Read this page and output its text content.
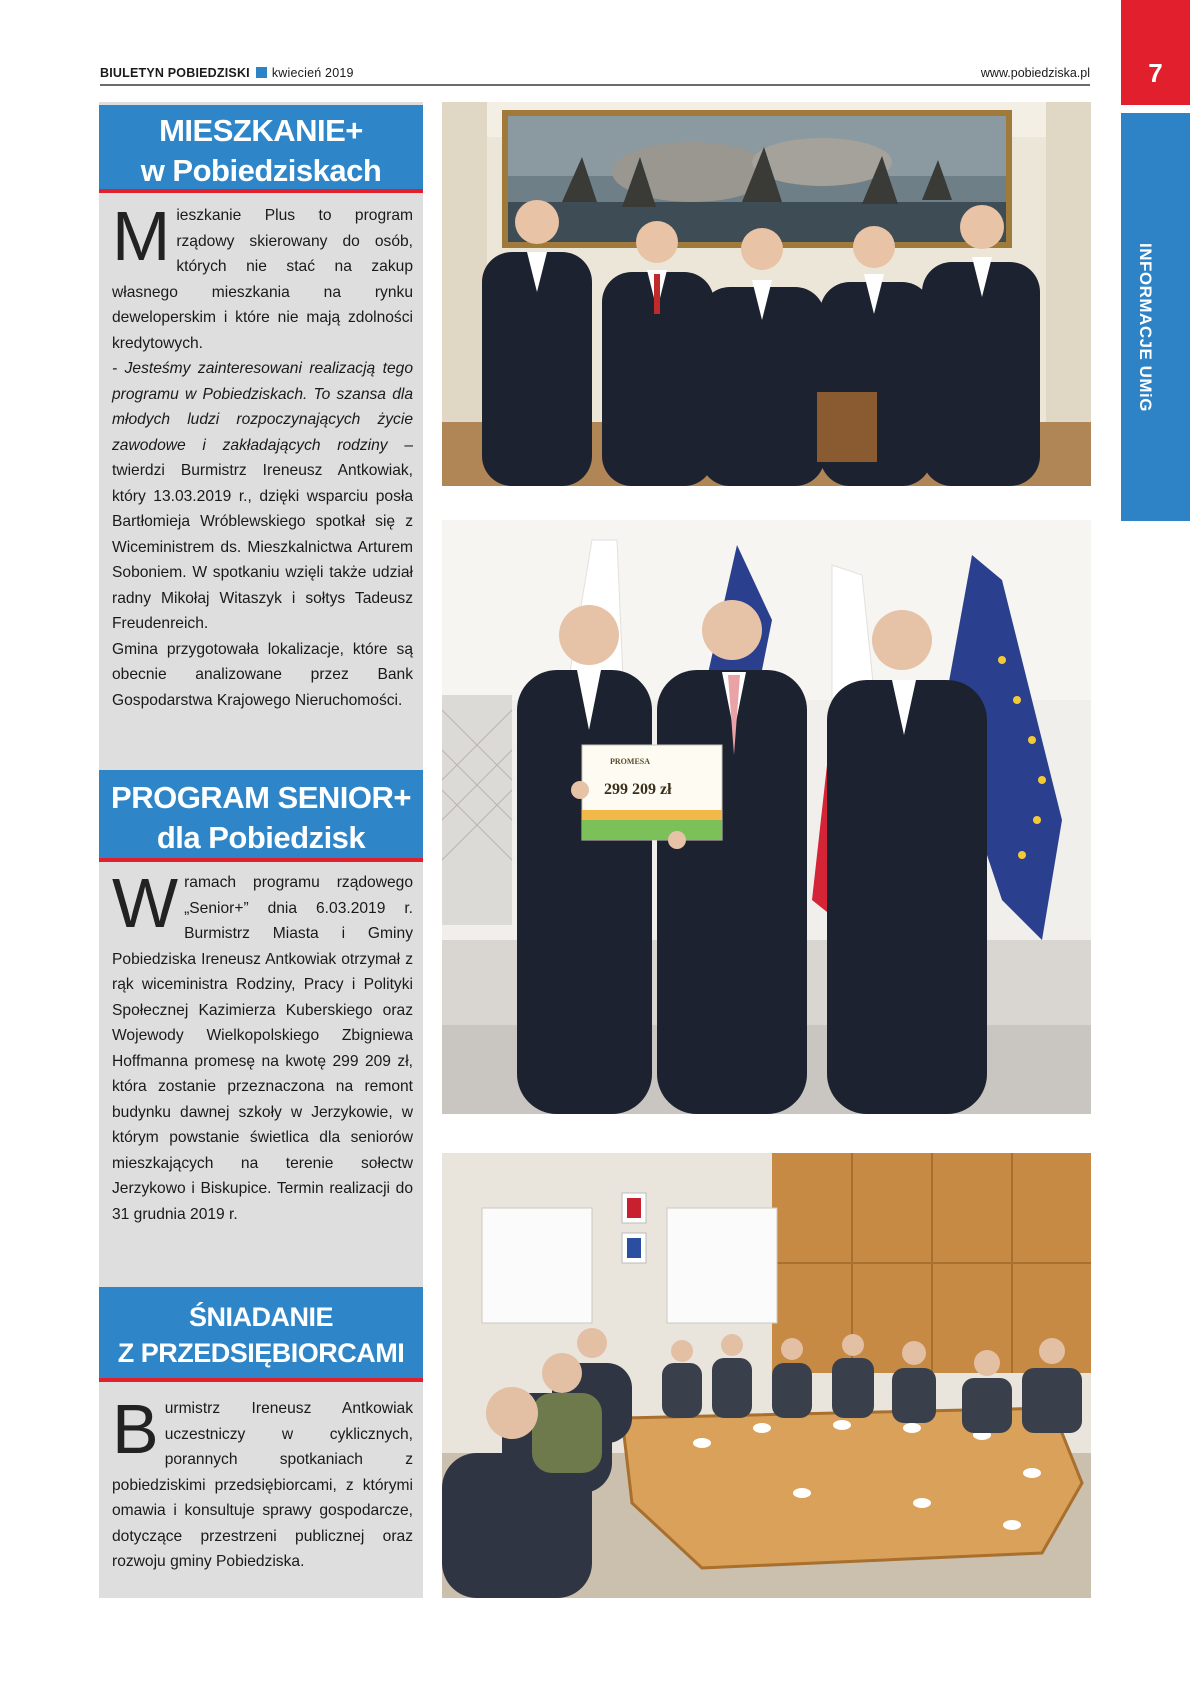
BIULETYN POBIEDZISKI kwiecień 2019	www.pobiedziska.pl	7
INFORMACJE UMiG
MIESZKANIE+
w Pobiedziskach
M ieszkanie Plus to program rządowy skierowany do osób, których nie stać na zakup własnego mieszkania na rynku deweloperskim i które nie mają zdolności kredytowych.

- Jesteśmy zainteresowani realizacją tego programu w Pobiedziskach. To szansa dla młodych ludzi rozpoczynających życie zawodowe i zakładających rodziny – twierdzi Burmistrz Ireneusz Antkowiak, który 13.03.2019 r., dzięki wsparciu posła Bartłomieja Wróblewskiego spotkał się z Wiceministrem ds. Mieszkalnictwa Arturem Soboniem. W spotkaniu wzięli także udział radny Mikołaj Witaszyk i sołtys Tadeusz Freudenreich.

Gmina przygotowała lokalizacje, które są obecnie analizowane przez Bank Gospodarstwa Krajowego Nieruchomości.

PROGRAM SENIOR+
dla Pobiedzisk
W ramach programu rządowego „Senior+” dnia 6.03.2019 r. Burmistrz Miasta i Gminy Pobiedziska Ireneusz Antkowiak otrzymał z rąk wiceministra Rodziny, Pracy i Polityki Społecznej Kazimierza Kuberskiego oraz Wojewody Wielkopolskiego Zbigniewa Hoffmanna promesę na kwotę 299 209 zł, która zostanie przeznaczona na remont budynku dawnej szkoły w Jerzykowie, w którym powstanie świetlica dla seniorów mieszkających na terenie sołectw Jerzykowo i Biskupice. Termin realizacji do 31 grudnia 2019 r.

ŚNIADANIE
Z PRZEDSIĘBIORCAMI
B urmistrz Ireneusz Antkowiak uczestniczy w cyklicznych, porannych spotkaniach z pobiedziskimi przedsiębiorcami, z którymi omawia i konsultuje sprawy gospodarcze, dotyczące przestrzeni publicznej oraz rozwoju gminy Pobiedziska.

PROMESA
299 209 zł
